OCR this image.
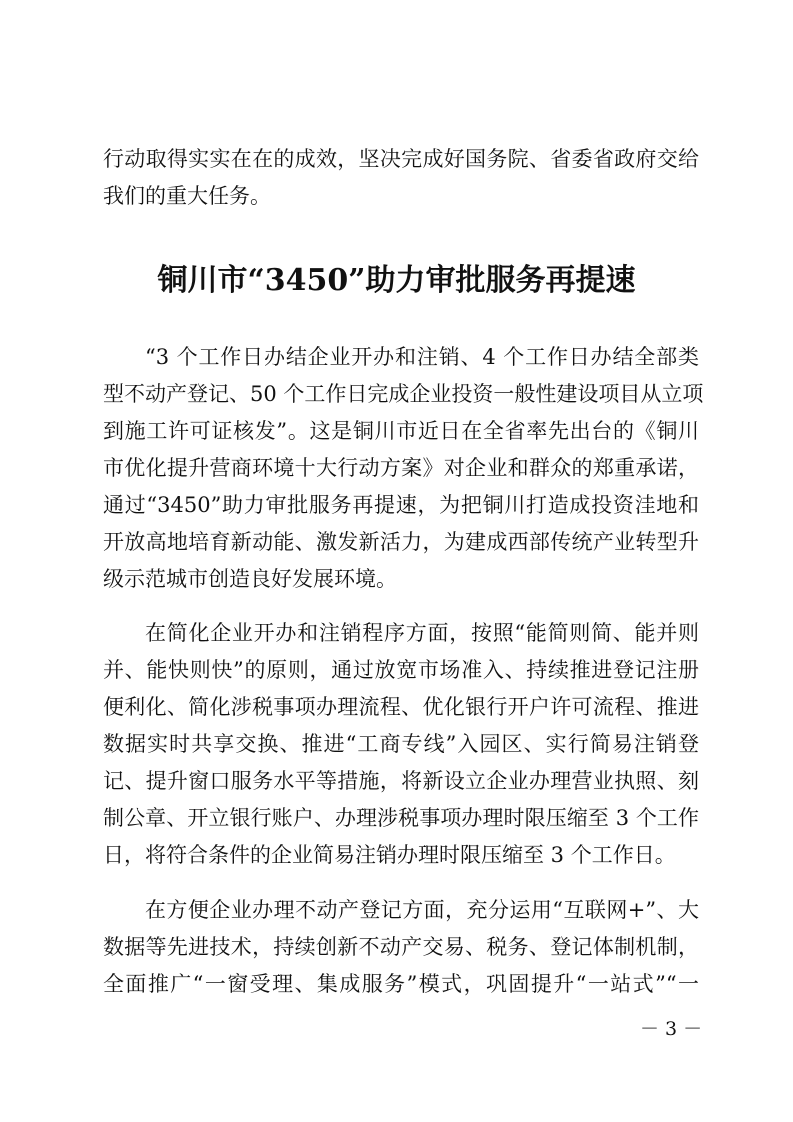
行动取得实实在在的成效，坚决完成好国务院、省委省政府交给
我们的重大任务。
铜川市“3450”助力审批服务再提速
“3 个工作日办结企业开办和注销、4 个工作日办结全部类
型不动产登记、50 个工作日完成企业投资一般性建设项目从立项
到施工许可证核发”。这是铜川市近日在全省率先出台的《铜川
市优化提升营商环境十大行动方案》对企业和群众的郑重承诺，
通过“3450”助力审批服务再提速，为把铜川打造成投资洼地和
开放高地培育新动能、激发新活力，为建成西部传统产业转型升
级示范城市创造良好发展环境。
在简化企业开办和注销程序方面，按照“能简则简、能并则
并、能快则快”的原则，通过放宽市场准入、持续推进登记注册
便利化、简化涉税事项办理流程、优化银行开户许可流程、推进
数据实时共享交换、推进“工商专线”入园区、实行简易注销登
记、提升窗口服务水平等措施，将新设立企业办理营业执照、刻
制公章、开立银行账户、办理涉税事项办理时限压缩至 3 个工作
日，将符合条件的企业简易注销办理时限压缩至 3 个工作日。
在方便企业办理不动产登记方面，充分运用“互联网+”、大
数据等先进技术，持续创新不动产交易、税务、登记体制机制，
全面推广“一窗受理、集成服务”模式，巩固提升“一站式”“一
－ 3 －
